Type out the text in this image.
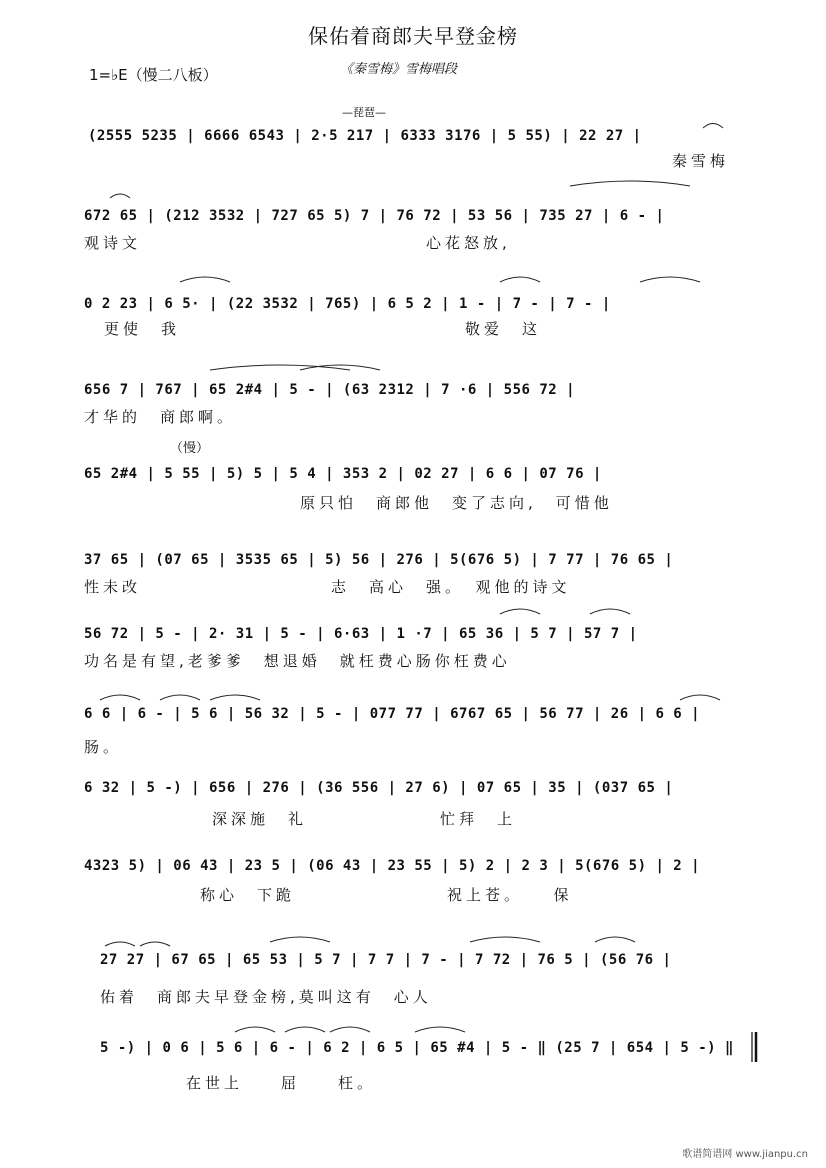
保佑着商郎夫早登金榜
1=♭E（慢二八板）	《秦雪梅》雪梅唱段
—琵琶—
（慢）
(2555 5235 | 6666 6543 | 2·5 217 | 6333 3176 | 5 55) | 22 27 |
秦雪梅
672 65 | (212 3532 | 727 65 5) 7 | 76 72 | 53 56 | 735 27 | 6 - |
观诗文　　　　　　　　　　　　　　　心花怒放,
0 2 23 | 6 5· | (22 3532 | 765) | 6 5 2 | 1 - | 7 - | 7 - |
更使　我　　　　　　　　　　　　　　　敬爱　这
656 7 | 767 | 65 2#4 | 5 - | (63 2312 | 7 ·6 | 556 72 |
才华的　商郎啊。
65 2#4 | 5 55 | 5) 5 | 5 4 | 353 2 | 02 27 | 6 6 | 07 76 |
原只怕　商郎他　变了志向,　可惜他
37 65 | (07 65 | 3535 65 | 5) 56 | 276 | 5(676 5) | 7 77 | 76 65 |
性未改　　　　　　　　　　志　高心　强。　观他的诗文
56 72 | 5 - | 2· 31 | 5 - | 6·63 | 1 ·7 | 65 36 | 5 7 | 57 7 |
功名是有望,老爹爹　想退婚　就枉费心肠你枉费心
6 6 | 6 - | 5 6 | 56 32 | 5 - | 077 77 | 6767 65 | 56 77 | 26 | 6 6 |
肠。
6 32 | 5 -) | 656 | 276 | (36 556 | 27 6) | 07 65 | 35 | (037 65 |
深深施　礼　　　　　　　忙拜　上
4323 5) | 06 43 | 23 5 | (06 43 | 23 55 | 5) 2 | 2 3 | 5(676 5) | 2 |
称心　下跪　　　　　　　　祝上苍。　　保
27 27 | 67 65 | 65 53 | 5 7 | 7 7 | 7 - | 7 72 | 76 5 | (56 76 |
佑着　商郎夫早登金榜,莫叫这有　心人
5 -) | 0 6 | 5 6 | 6 - | 6 2 | 6 5 | 65 #4 | 5 - ‖ (25 7 | 654 | 5 -) ‖
在世上　　屈　　枉。
歌谱简谱网 www.jianpu.cn
